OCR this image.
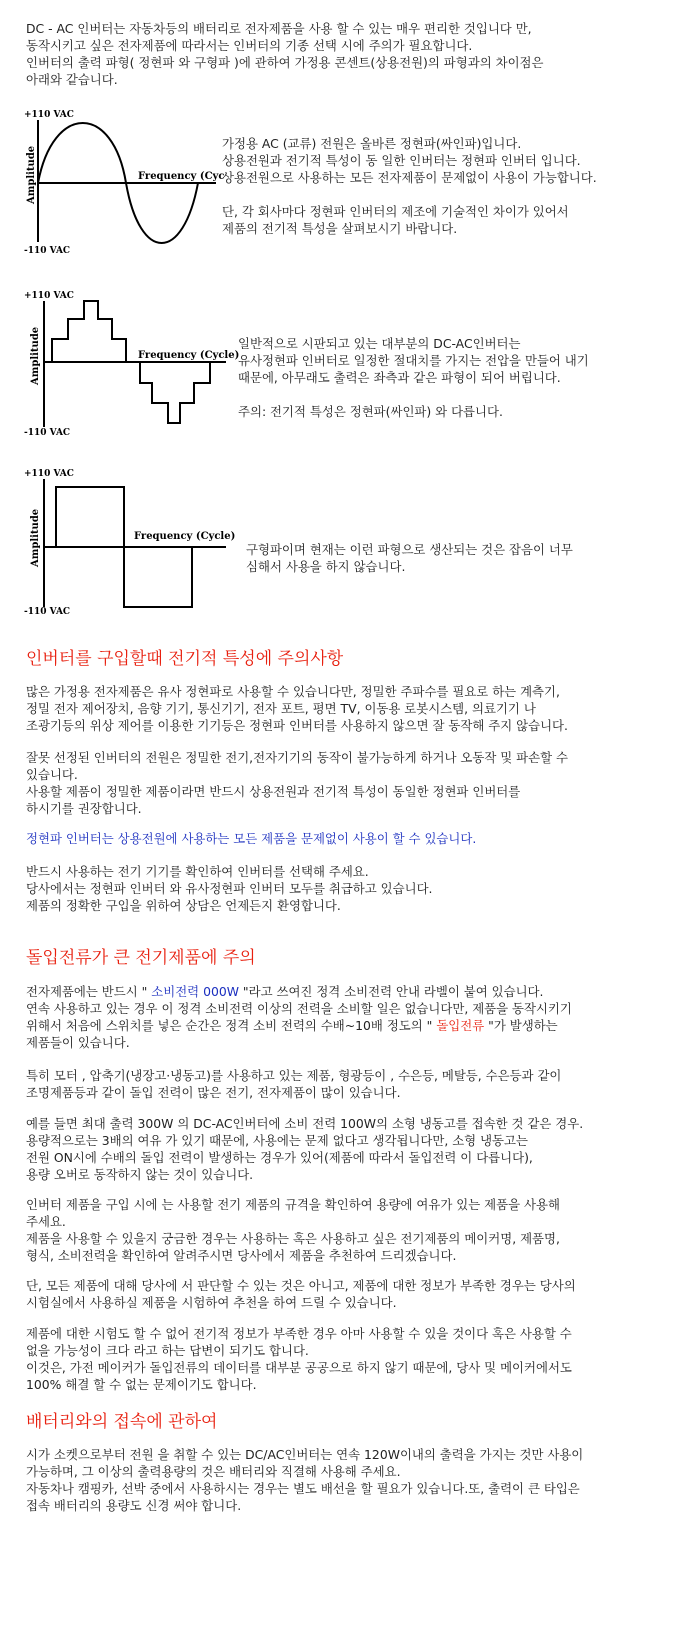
DC - AC 인버터는 자동차등의 배터리로 전자제품을 사용 할 수 있는 매우 편리한 것입니다 만,
동작시키고 싶은 전자제품에 따라서는 인버터의 기종 선택 시에 주의가 필요합니다.
인버터의 출력 파형( 정현파 와 구형파 )에 관하여 가정용 콘센트(상용전원)의 파형과의 차이점은
아래와 같습니다.
+110 VAC
Frequency (Cyc
Amplitude
-110 VAC
가정용 AC (교류) 전원은 올바른 정현파(싸인파)입니다.
상용전원과 전기적 특성이 동 일한 인버터는 정현파 인버터 입니다.
상용전원으로 사용하는 모든 전자제품이 문제없이 사용이 가능합니다.
단, 각 회사마다 정현파 인버터의 제조에 기술적인 차이가 있어서
제품의 전기적 특성을 살펴보시기 바랍니다.
+110 VAC
Frequency (Cycle)
Amplitude
-110 VAC
일반적으로 시판되고 있는 대부분의 DC-AC인버터는
유사정현파 인버터로 일정한 절대치를 가지는 전압을 만들어 내기
때문에, 아무래도 출력은 좌측과 같은 파형이 되어 버립니다.
주의: 전기적 특성은 정현파(싸인파) 와 다릅니다.
+110 VAC
Frequency (Cycle)
Amplitude
-110 VAC
구형파이며 현재는 이런 파형으로 생산되는 것은 잡음이 너무
심해서 사용을 하지 않습니다.
인버터를 구입할때 전기적 특성에 주의사항
많은 가정용 전자제품은 유사 정현파로 사용할 수 있습니다만, 정밀한 주파수를 필요로 하는 계측기,
정밀 전자 제어장치, 음향 기기, 통신기기, 전자 포트, 평면 TV, 이동용 로봇시스템, 의료기기 나
조광기등의 위상 제어를 이용한 기기등은 정현파 인버터를 사용하지 않으면 잘 동작해 주지 않습니다.
잘못 선정된 인버터의 전원은 정밀한 전기,전자기기의 동작이 불가능하게 하거나 오동작 및 파손할 수
있습니다.
사용할 제품이 정밀한 제품이라면 반드시 상용전원과 전기적 특성이 동일한 정현파 인버터를
하시기를 권장합니다.
정현파 인버터는 상용전원에 사용하는 모든 제품을 문제없이 사용이 할 수 있습니다.
반드시 사용하는 전기 기기를 확인하여 인버터를 선택해 주세요.
당사에서는 정현파 인버터 와 유사정현파 인버터 모두를 취급하고 있습니다.
제품의 정확한 구입을 위하여 상담은 언제든지 환영합니다.
돌입전류가 큰 전기제품에 주의
전자제품에는 반드시 " 소비전력 000W "라고 쓰여진 정격 소비전력 안내 라벨이 붙여 있습니다.
연속 사용하고 있는 경우 이 정격 소비전력 이상의 전력을 소비할 일은 없습니다만, 제품을 동작시키기
위해서 처음에 스위치를 넣은 순간은 정격 소비 전력의 수배~10배 정도의 " 돌입전류 "가 발생하는
제품들이 있습니다.
특히 모터 , 압축기(냉장고·냉동고)를 사용하고 있는 제품, 형광등이 , 수은등, 메탈등, 수은등과 같이
조명제품등과 같이 돌입 전력이 많은 전기, 전자제품이 많이 있습니다.
예를 들면 최대 출력 300W 의 DC-AC인버터에 소비 전력 100W의 소형 냉동고를 접속한 것 같은 경우.
용량적으로는 3배의 여유 가 있기 때문에, 사용에는 문제 없다고 생각됩니다만, 소형 냉동고는
전원 ON시에 수배의 돌입 전력이 발생하는 경우가 있어(제품에 따라서 돌입전력 이 다릅니다),
용량 오버로 동작하지 않는 것이 있습니다.
인버터 제품을 구입 시에 는 사용할 전기 제품의 규격을 확인하여 용량에 여유가 있는 제품을 사용해
주세요.
제품을 사용할 수 있을지 궁금한 경우는 사용하는 혹은 사용하고 싶은 전기제품의 메이커명, 제품명,
형식, 소비전력을 확인하여 알려주시면 당사에서 제품을 추천하여 드리겠습니다.
단, 모든 제품에 대해 당사에 서 판단할 수 있는 것은 아니고, 제품에 대한 정보가 부족한 경우는 당사의
시험실에서 사용하실 제품을 시험하여 추천을 하여 드릴 수 있습니다.
제품에 대한 시험도 할 수 없어 전기적 정보가 부족한 경우 아마 사용할 수 있을 것이다 혹은 사용할 수
없을 가능성이 크다 라고 하는 답변이 되기도 합니다.
이것은, 가전 메이커가 돌입전류의 데이터를 대부분 공공으로 하지 않기 때문에, 당사 및 메이커에서도
100% 해결 할 수 없는 문제이기도 합니다.
배터리와의 접속에 관하여
시가 소켓으로부터 전원 을 취할 수 있는 DC/AC인버터는 연속 120W이내의 출력을 가지는 것만 사용이
가능하며, 그 이상의 출력용량의 것은 배터리와 직결해 사용해 주세요.
자동차나 캠핑카, 선박 중에서 사용하시는 경우는 별도 배선을 할 필요가 있습니다.또, 출력이 큰 타입은
접속 배터리의 용량도 신경 써야 합니다.
